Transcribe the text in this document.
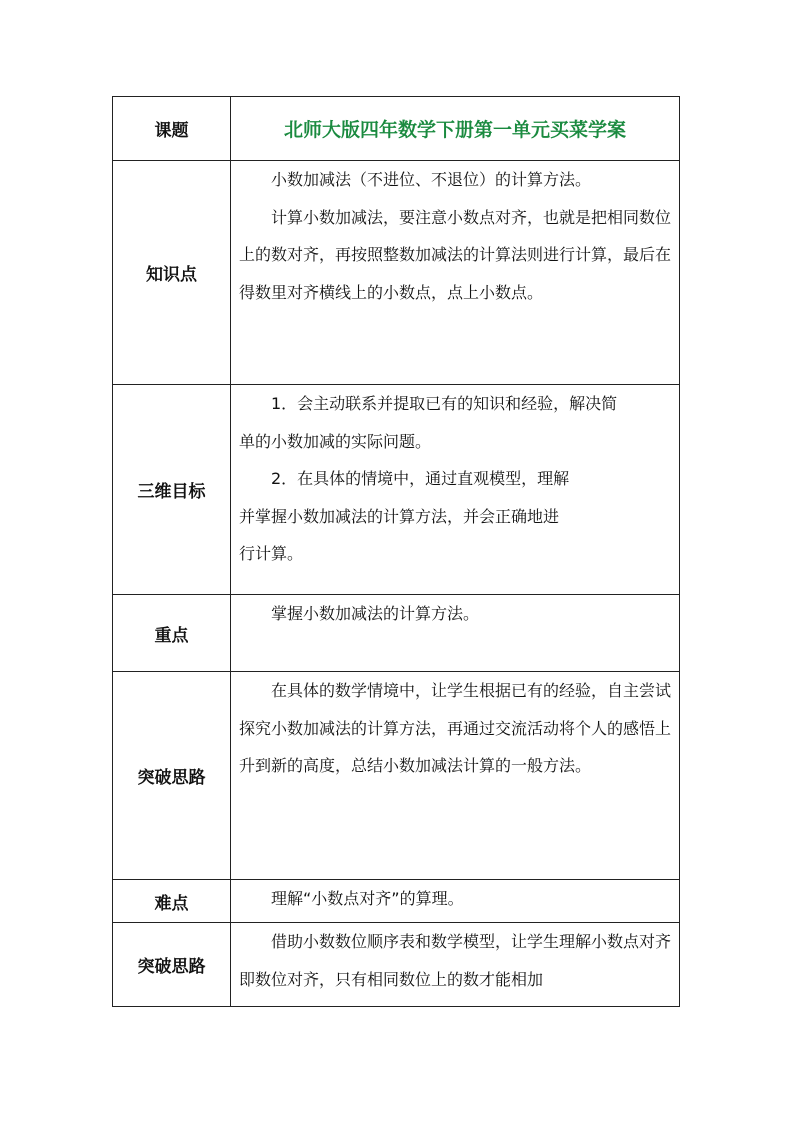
课题	北师大版四年数学下册第一单元买菜学案
知识点	小数加减法（不进位、不退位）的计算方法。

计算小数加减法，要注意小数点对齐，也就是把相同数位上的数对齐，再按照整数加减法的计算法则进行计算，最后在得数里对齐横线上的小数点，点上小数点。

三维目标	1．会主动联系并提取已有的知识和经验，解决简

单的小数加减的实际问题。

2．在具体的情境中，通过直观模型，理解

并掌握小数加减法的计算方法，并会正确地进

行计算。

重点	掌握小数加减法的计算方法。

突破思路	在具体的数学情境中，让学生根据已有的经验，自主尝试探究小数加减法的计算方法，再通过交流活动将个人的感悟上升到新的高度，总结小数加减法计算的一般方法。

难点	理解“小数点对齐”的算理。

突破思路	借助小数数位顺序表和数学模型，让学生理解小数点对齐即数位对齐，只有相同数位上的数才能相加
